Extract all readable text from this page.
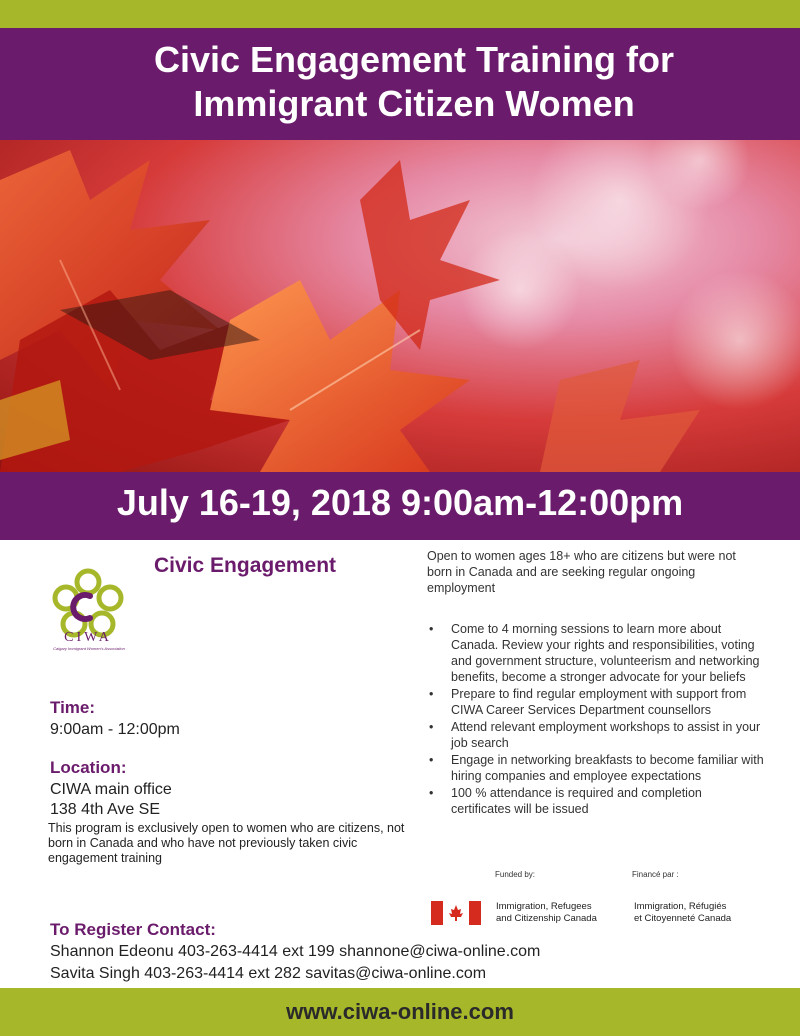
Civic Engagement Training for
Immigrant Citizen Women
July 16-19, 2018 9:00am-12:00pm
CIWA
Calgary Immigrant Women's Association
Civic Engagement
Time:
9:00am - 12:00pm
Location:
CIWA main office
138 4th Ave SE
This program is exclusively open to women who are citizens, not born in Canada and who have not previously taken civic engagement training
Open to women ages 18+ who are citizens but were not born in Canada and are seeking regular ongoing employment
• Come to 4 morning sessions to learn more about Canada. Review your rights and responsibilities, voting and government structure, volunteerism and networking benefits, become a stronger advocate for your beliefs
• Prepare to find regular employment with support from CIWA Career Services Department counsellors
• Attend relevant employment workshops to assist in your job search
• Engage in networking breakfasts to become familiar with hiring companies and employee expectations
• 100 % attendance is required and completion certificates will be issued
Funded by:	Financé par :
Immigration, Refugees
and Citizenship Canada
Immigration, Réfugiés
et Citoyenneté Canada
To Register Contact:
Shannon Edeonu 403-263-4414 ext 199 shannone@ciwa-online.com
Savita Singh 403-263-4414 ext 282 savitas@ciwa-online.com
www.ciwa-online.com
